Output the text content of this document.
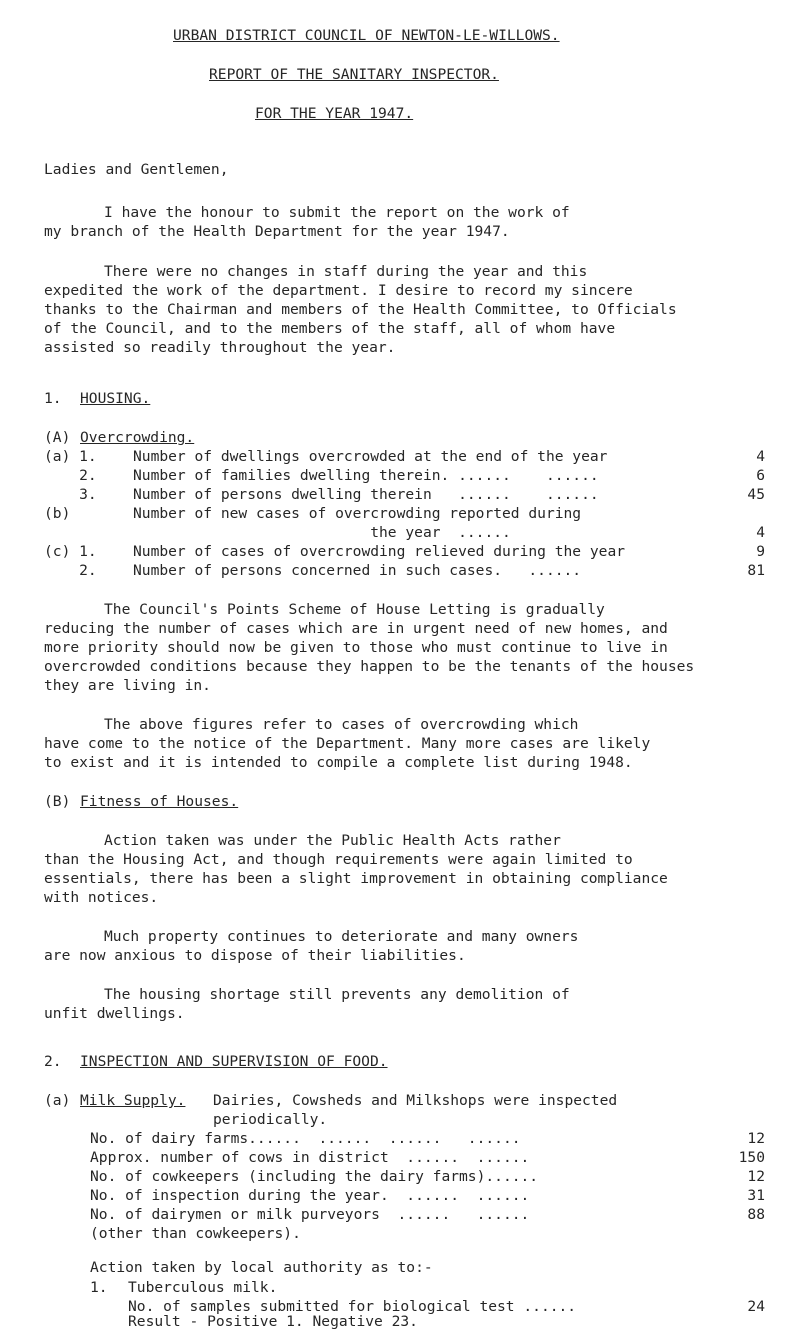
URBAN DISTRICT COUNCIL OF NEWTON-LE-WILLOWS.
REPORT OF THE SANITARY INSPECTOR.
FOR THE YEAR 1947.
Ladies and Gentlemen,
I have the honour to submit the report on the work of
my branch of the Health Department for the year 1947.
There were no changes in staff during the year and this
expedited the work of the department. I desire to record my sincere
thanks to the Chairman and members of the Health Committee, to Officials
of the Council, and to the members of the staff, all of whom have
assisted so readily throughout the year.
1. HOUSING.
(A) Overcrowding.
(a) 1. Number of dwellings overcrowded at the end of the year	4
2. Number of families dwelling therein. ......    ......	6
3. Number of persons dwelling therein   ......    ......	45
(b) Number of new cases of overcrowding reported during

the year  ......	4
(c) 1. Number of cases of overcrowding relieved during the year	9
2. Number of persons concerned in such cases.   ......	81
The Council's Points Scheme of House Letting is gradually
reducing the number of cases which are in urgent need of new homes, and
more priority should now be given to those who must continue to live in
overcrowded conditions because they happen to be the tenants of the houses
they are living in.
The above figures refer to cases of overcrowding which
have come to the notice of the Department. Many more cases are likely
to exist and it is intended to compile a complete list during 1948.
(B) Fitness of Houses.
Action taken was under the Public Health Acts rather
than the Housing Act, and though requirements were again limited to
essentials, there has been a slight improvement in obtaining compliance
with notices.
Much property continues to deteriorate and many owners
are now anxious to dispose of their liabilities.
The housing shortage still prevents any demolition of
unfit dwellings.
2. INSPECTION AND SUPERVISION OF FOOD.
(a) Milk Supply. Dairies, Cowsheds and Milkshops were inspected
periodically.
No. of dairy farms......  ......  ......   ......	12
Approx. number of cows in district  ......  ......	150
No. of cowkeepers (including the dairy farms)......	12
No. of inspection during the year.  ......  ......	31
No. of dairymen or milk purveyors  ......   ......	88
(other than cowkeepers).
Action taken by local authority as to:-
1. Tuberculous milk.
No. of samples submitted for biological test ......	24
Result - Positive 1. Negative 23.
